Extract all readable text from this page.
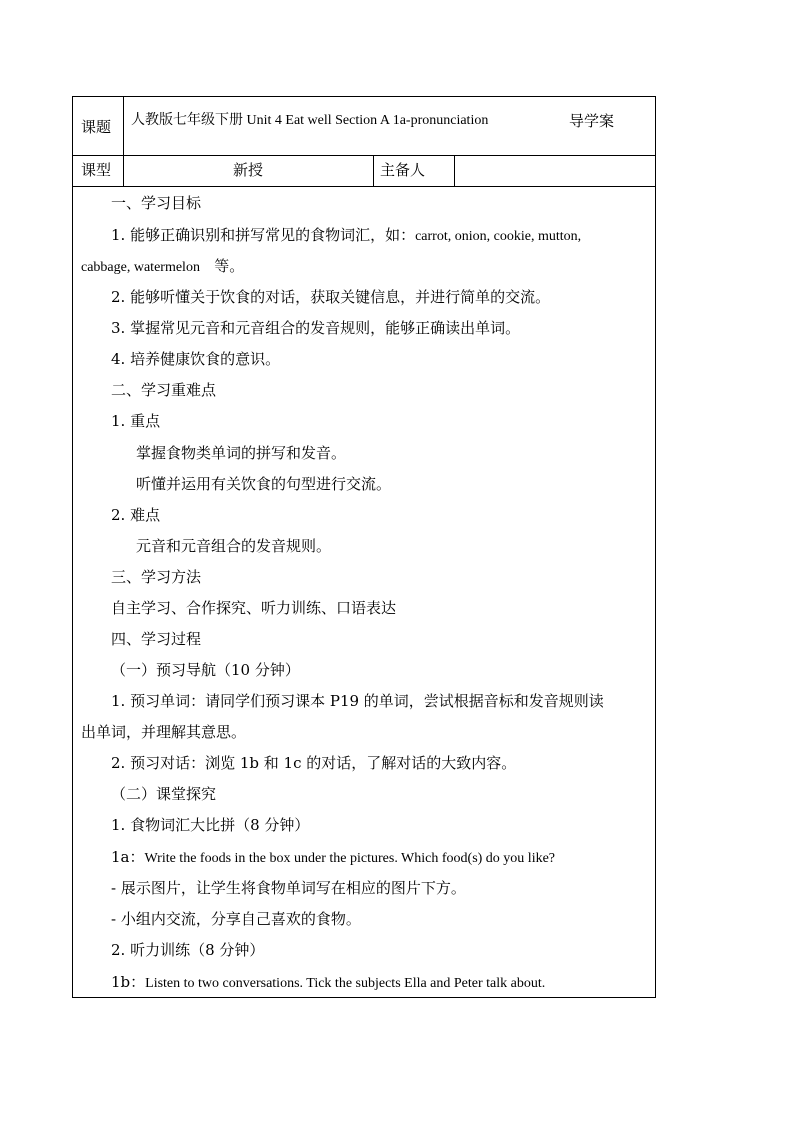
课题 人教版七年级下册 Unit 4 Eat well Section A 1a-pronunciation	导学案
课型	新授	主备人
一、学习目标
1. 能够正确识别和拼写常见的食物词汇，如：carrot, onion, cookie, mutton,
cabbage, watermelon 等。
2. 能够听懂关于饮食的对话，获取关键信息，并进行简单的交流。
3. 掌握常见元音和元音组合的发音规则，能够正确读出单词。
4. 培养健康饮食的意识。
二、学习重难点
1. 重点
掌握食物类单词的拼写和发音。
听懂并运用有关饮食的句型进行交流。
2. 难点
元音和元音组合的发音规则。
三、学习方法
自主学习、合作探究、听力训练、口语表达
四、学习过程
（一）预习导航（10 分钟）
1. 预习单词：请同学们预习课本 P19 的单词，尝试根据音标和发音规则读
出单词，并理解其意思。
2. 预习对话：浏览 1b 和 1c 的对话，了解对话的大致内容。
（二）课堂探究
1. 食物词汇大比拼（8 分钟）
1a：Write the foods in the box under the pictures. Which food(s) do you like?
- 展示图片，让学生将食物单词写在相应的图片下方。
- 小组内交流，分享自己喜欢的食物。
2. 听力训练（8 分钟）
1b：Listen to two conversations. Tick the subjects Ella and Peter talk about.
